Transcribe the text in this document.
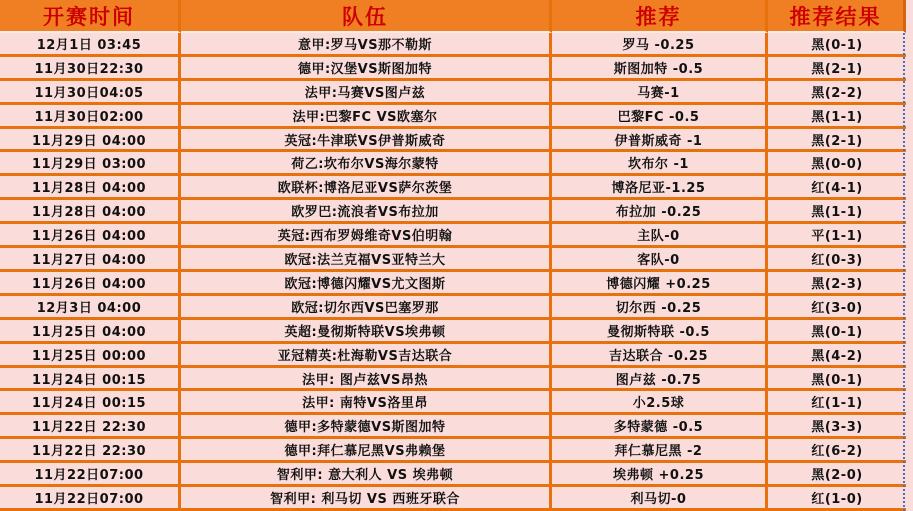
开赛时间	队伍	推荐	推荐结果
12月1日 03:45	意甲:罗马VS那不勒斯	罗马 -0.25	黑(0-1)
11月30日22:30	德甲:汉堡VS斯图加特	斯图加特 -0.5	黑(2-1)
11月30日04:05	法甲:马赛VS图卢兹	马赛-1	黑(2-2)
11月30日02:00	法甲:巴黎FC VS欧塞尔	巴黎FC -0.5	黑(1-1)
11月29日 04:00	英冠:牛津联VS伊普斯威奇	伊普斯威奇 -1	黑(2-1)
11月29日 03:00	荷乙:坎布尔VS海尔蒙特	坎布尔 -1	黑(0-0)
11月28日 04:00	欧联杯:博洛尼亚VS萨尔茨堡	博洛尼亚-1.25	红(4-1)
11月28日 04:00	欧罗巴:流浪者VS布拉加	布拉加 -0.25	黑(1-1)
11月26日 04:00	英冠:西布罗姆维奇VS伯明翰	主队-0	平(1-1)
11月27日 04:00	欧冠:法兰克福VS亚特兰大	客队-0	红(0-3)
11月26日 04:00	欧冠:博德闪耀VS尤文图斯	博德闪耀 +0.25	黑(2-3)
12月3日 04:00	欧冠:切尔西VS巴塞罗那	切尔西 -0.25	红(3-0)
11月25日 04:00	英超:曼彻斯特联VS埃弗顿	曼彻斯特联 -0.5	黑(0-1)
11月25日 00:00	亚冠精英:杜海勒VS吉达联合	吉达联合 -0.25	黑(4-2)
11月24日 00:15	法甲: 图卢兹VS昂热	图卢兹 -0.75	黑(0-1)
11月24日 00:15	法甲: 南特VS洛里昂	小2.5球	红(1-1)
11月22日 22:30	德甲:多特蒙德VS斯图加特	多特蒙德 -0.5	黑(3-3)
11月22日 22:30	德甲:拜仁慕尼黑VS弗赖堡	拜仁慕尼黑 -2	红(6-2)
11月22日07:00	智利甲: 意大利人 VS 埃弗顿	埃弗顿 +0.25	黑(2-0)
11月22日07:00	智利甲: 利马切 VS 西班牙联合	利马切-0	红(1-0)
